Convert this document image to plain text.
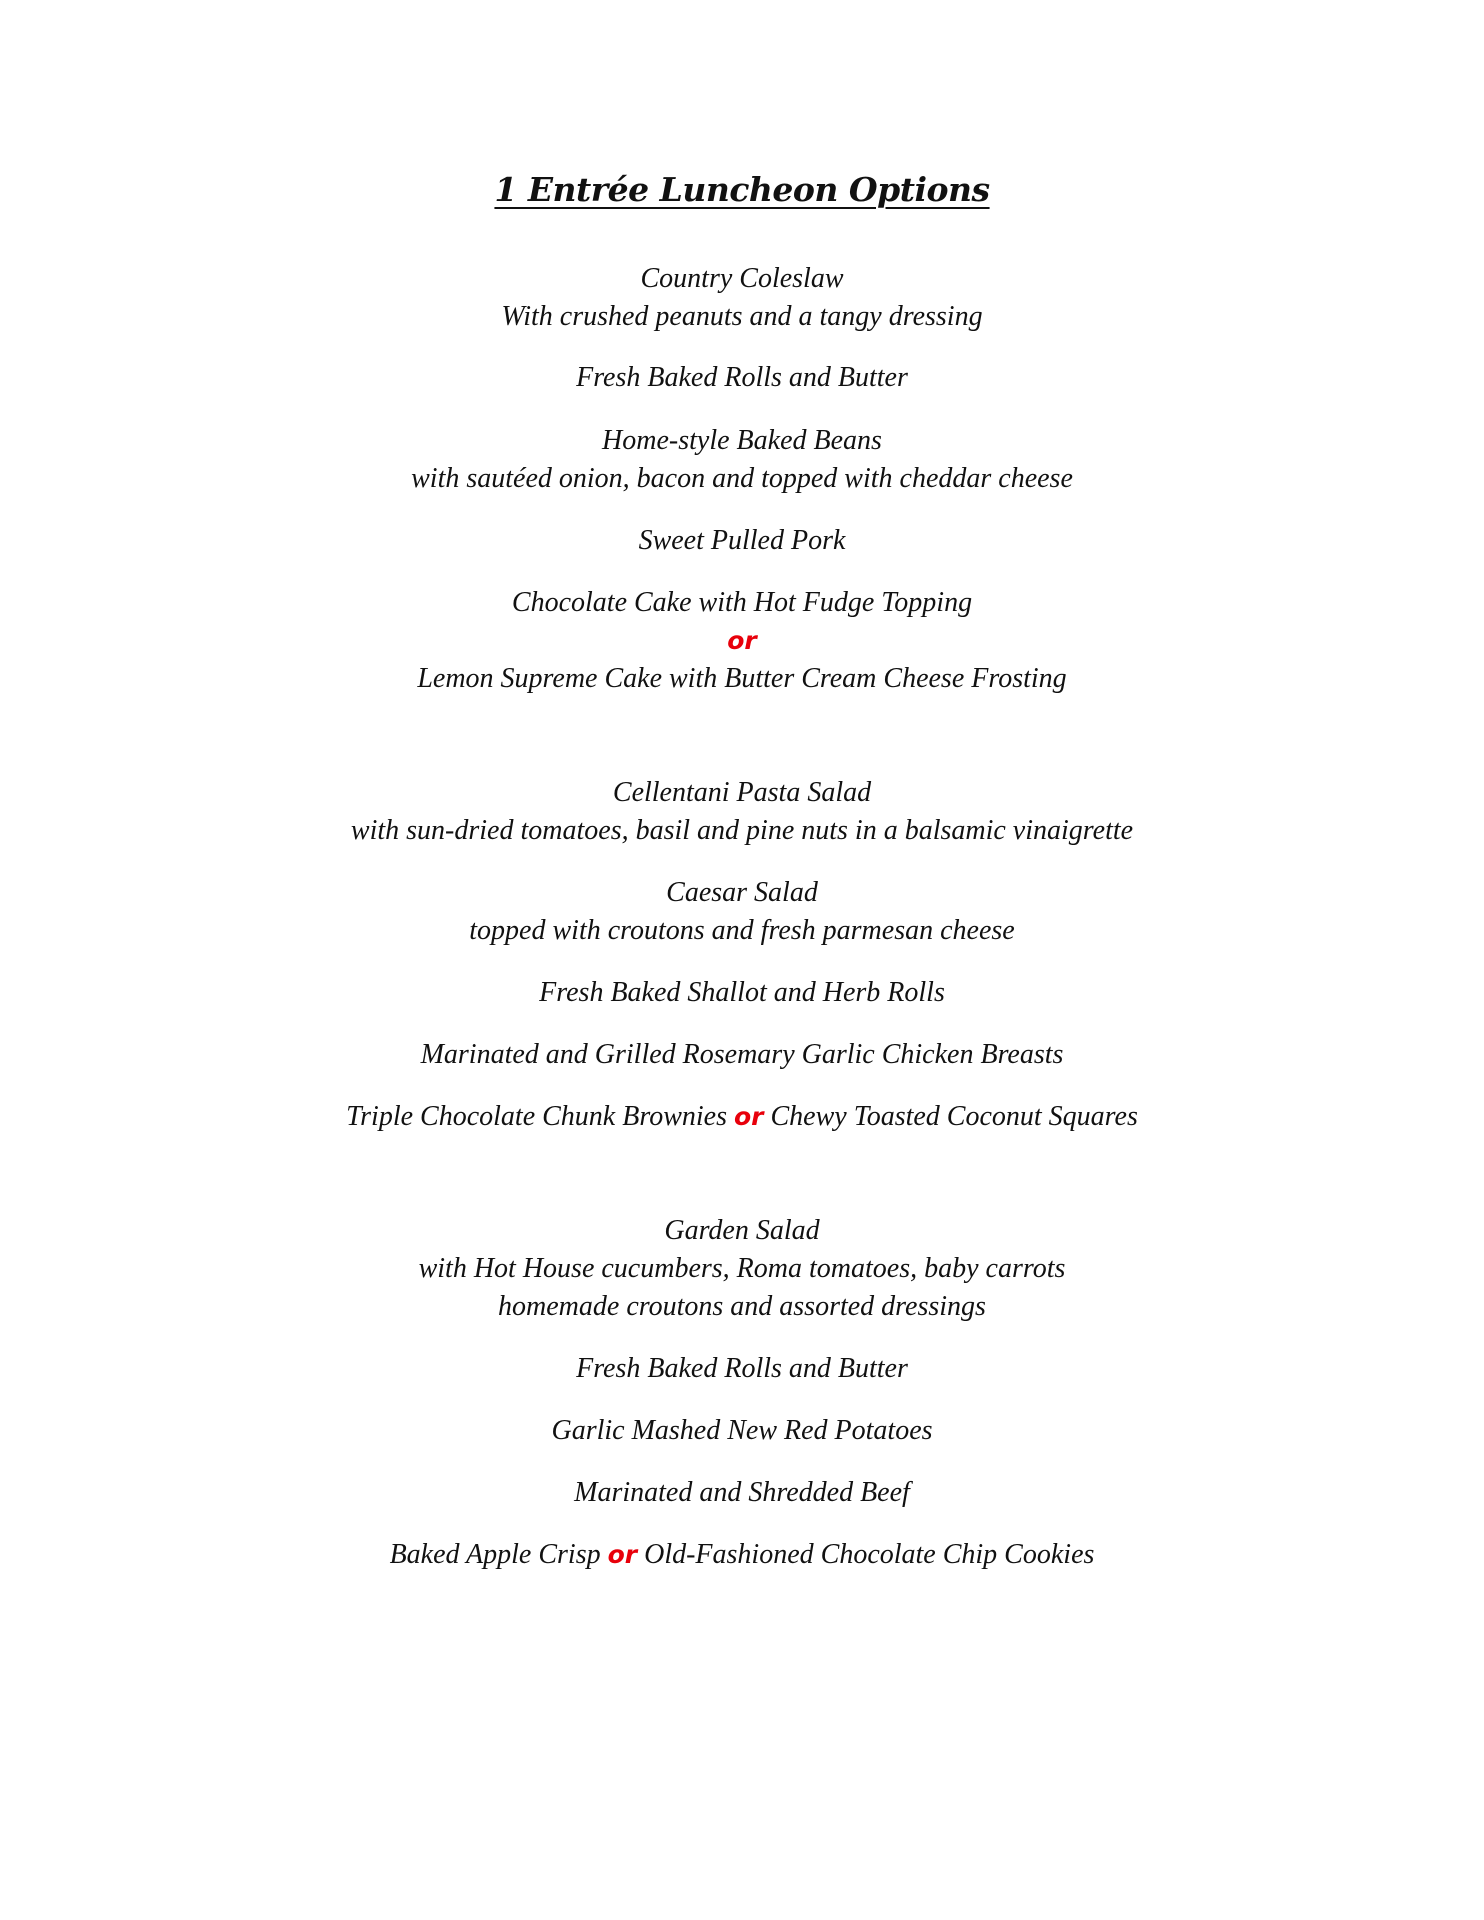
1 Entrée Luncheon Options
Country Coleslaw
With crushed peanuts and a tangy dressing
Fresh Baked Rolls and Butter
Home-style Baked Beans
with sautéed onion, bacon and topped with cheddar cheese
Sweet Pulled Pork
Chocolate Cake with Hot Fudge Topping
or
Lemon Supreme Cake with Butter Cream Cheese Frosting
Cellentani Pasta Salad
with sun-dried tomatoes, basil and pine nuts in a balsamic vinaigrette
Caesar Salad
topped with croutons and fresh parmesan cheese
Fresh Baked Shallot and Herb Rolls
Marinated and Grilled Rosemary Garlic Chicken Breasts
Triple Chocolate Chunk Brownies or Chewy Toasted Coconut Squares
Garden Salad
with Hot House cucumbers, Roma tomatoes, baby carrots
homemade croutons and assorted dressings
Fresh Baked Rolls and Butter
Garlic Mashed New Red Potatoes
Marinated and Shredded Beef
Baked Apple Crisp or Old-Fashioned Chocolate Chip Cookies
